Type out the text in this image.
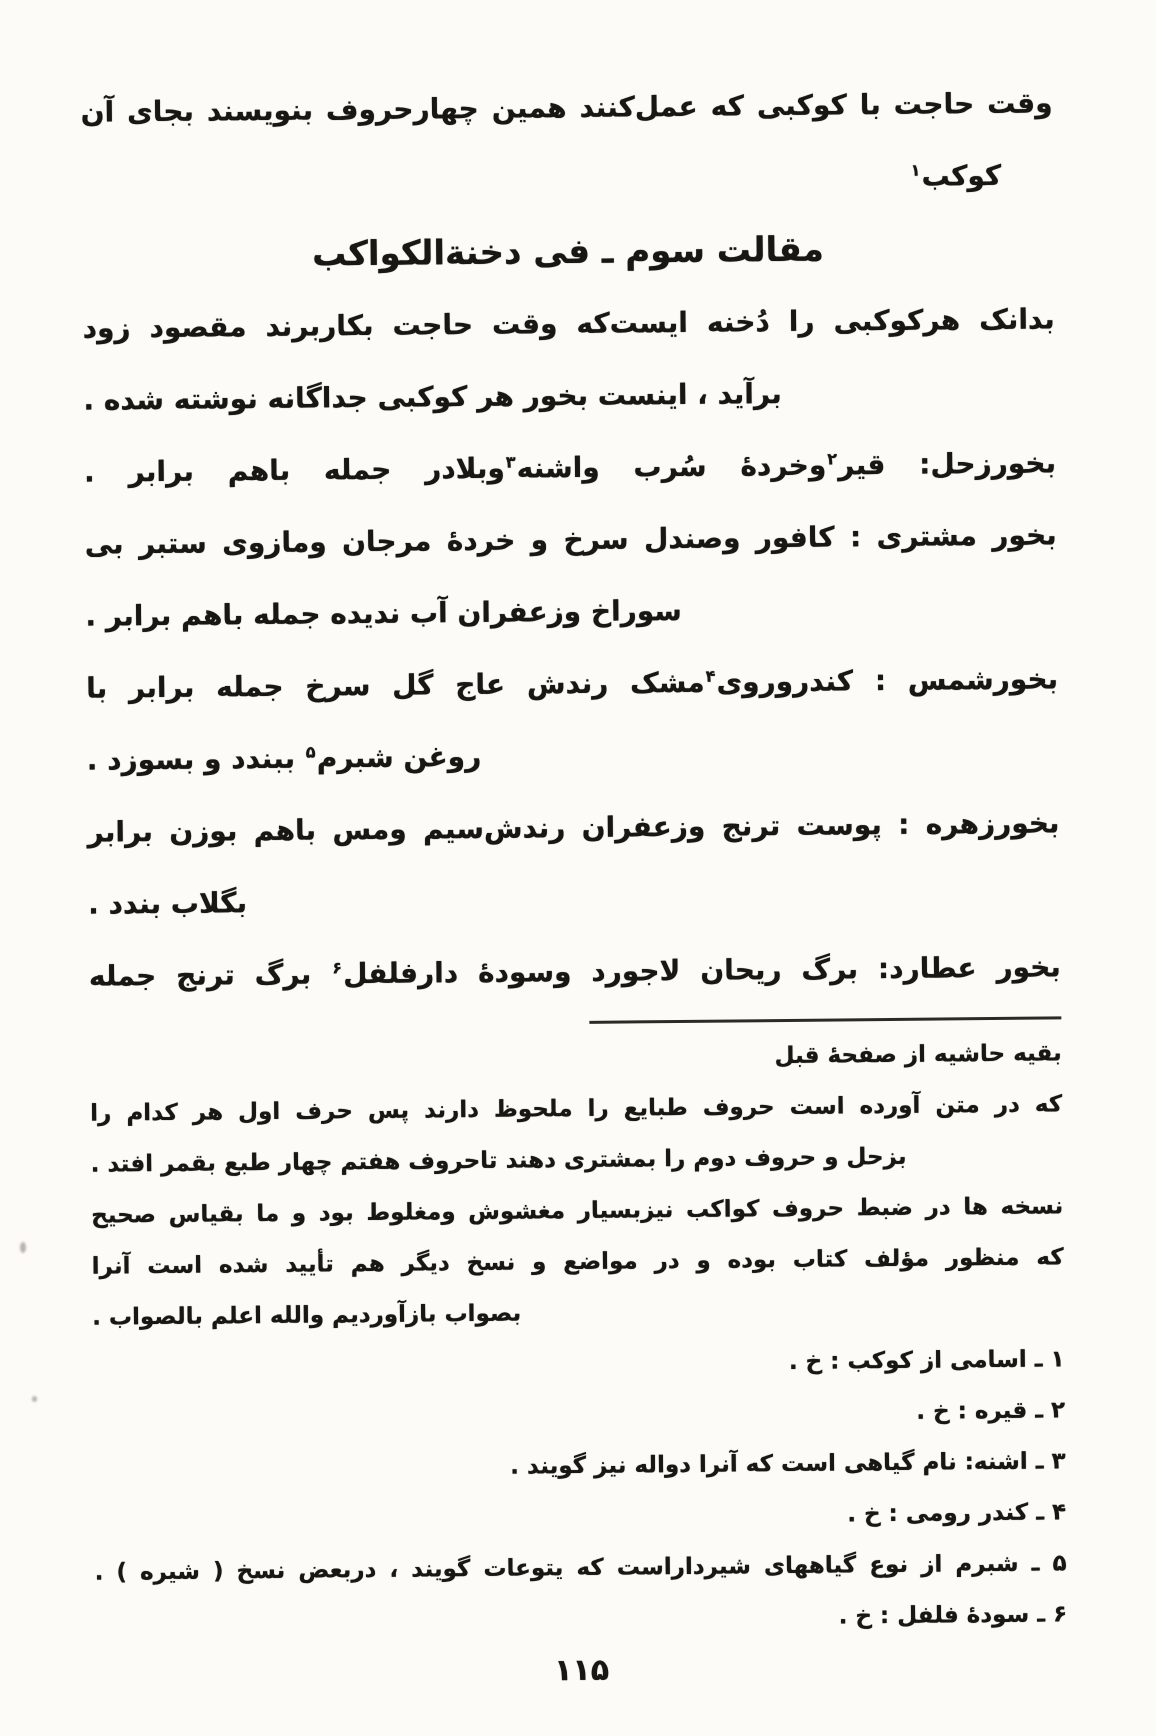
وقت حاجت با کوکبی که عمل‌کنند همین چهارحروف بنویسند بجای آن
کوکب$^۱$
مقالت سوم ـ فی دخنةالکواکب
بدانک هرکوکبی را دُخنه ایست‌که وقت حاجت بکاربرند مقصود زود
برآید ، اینست بخور هر کوکبی جداگانه نوشته شده .
بخورزحل: قیر$^۲$وخردهٔ سُرب واشنه$^۳$وبلادر جمله باهم برابر .
بخور مشتری : کافور وصندل سرخ و خردهٔ مرجان ومازوی ستبر بی
سوراخ وزعفران آب ندیده جمله باهم برابر .
بخورشمس : کندروروی$^۴$مشک رندش عاج گل سرخ جمله برابر با
روغن شبرم$^۵$ ببندد و بسوزد .
بخورزهره : پوست ترنج وزعفران رندش‌سیم ومس باهم بوزن برابر
بگلاب بندد .
بخور عطارد: برگ ریحان لاجورد وسودهٔ دارفلفل$^۶$ برگ ترنج جمله
بقیه حاشیه از صفحهٔ قبل
که در متن آورده است حروف طبایع را ملحوظ دارند پس حرف اول هر کدام را
بزحل و حروف دوم را بمشتری دهند تاحروف هفتم چهار طبع بقمر افتد .
نسخه ها در ضبط حروف کواکب نیزبسیار مغشوش ومغلوط بود و ما بقیاس صحیح
که منظور مؤلف کتاب بوده و در مواضع و نسخ دیگر هم تأیید شده است آنرا
بصواب بازآوردیم والله اعلم بالصواب .
۱ ـ اسامی از کوکب : خ .
۲ ـ قیره : خ .
۳ ـ اشنه: نام گیاهی است که آنرا دواله نیز گویند .
۴ ـ کندر رومی : خ .
۵ ـ شبرم از نوع گیاههای شیرداراست که یتوعات گویند ، دربعض نسخ ( شیره ) .
۶ ـ سودهٔ فلفل : خ .
۱۱۵
